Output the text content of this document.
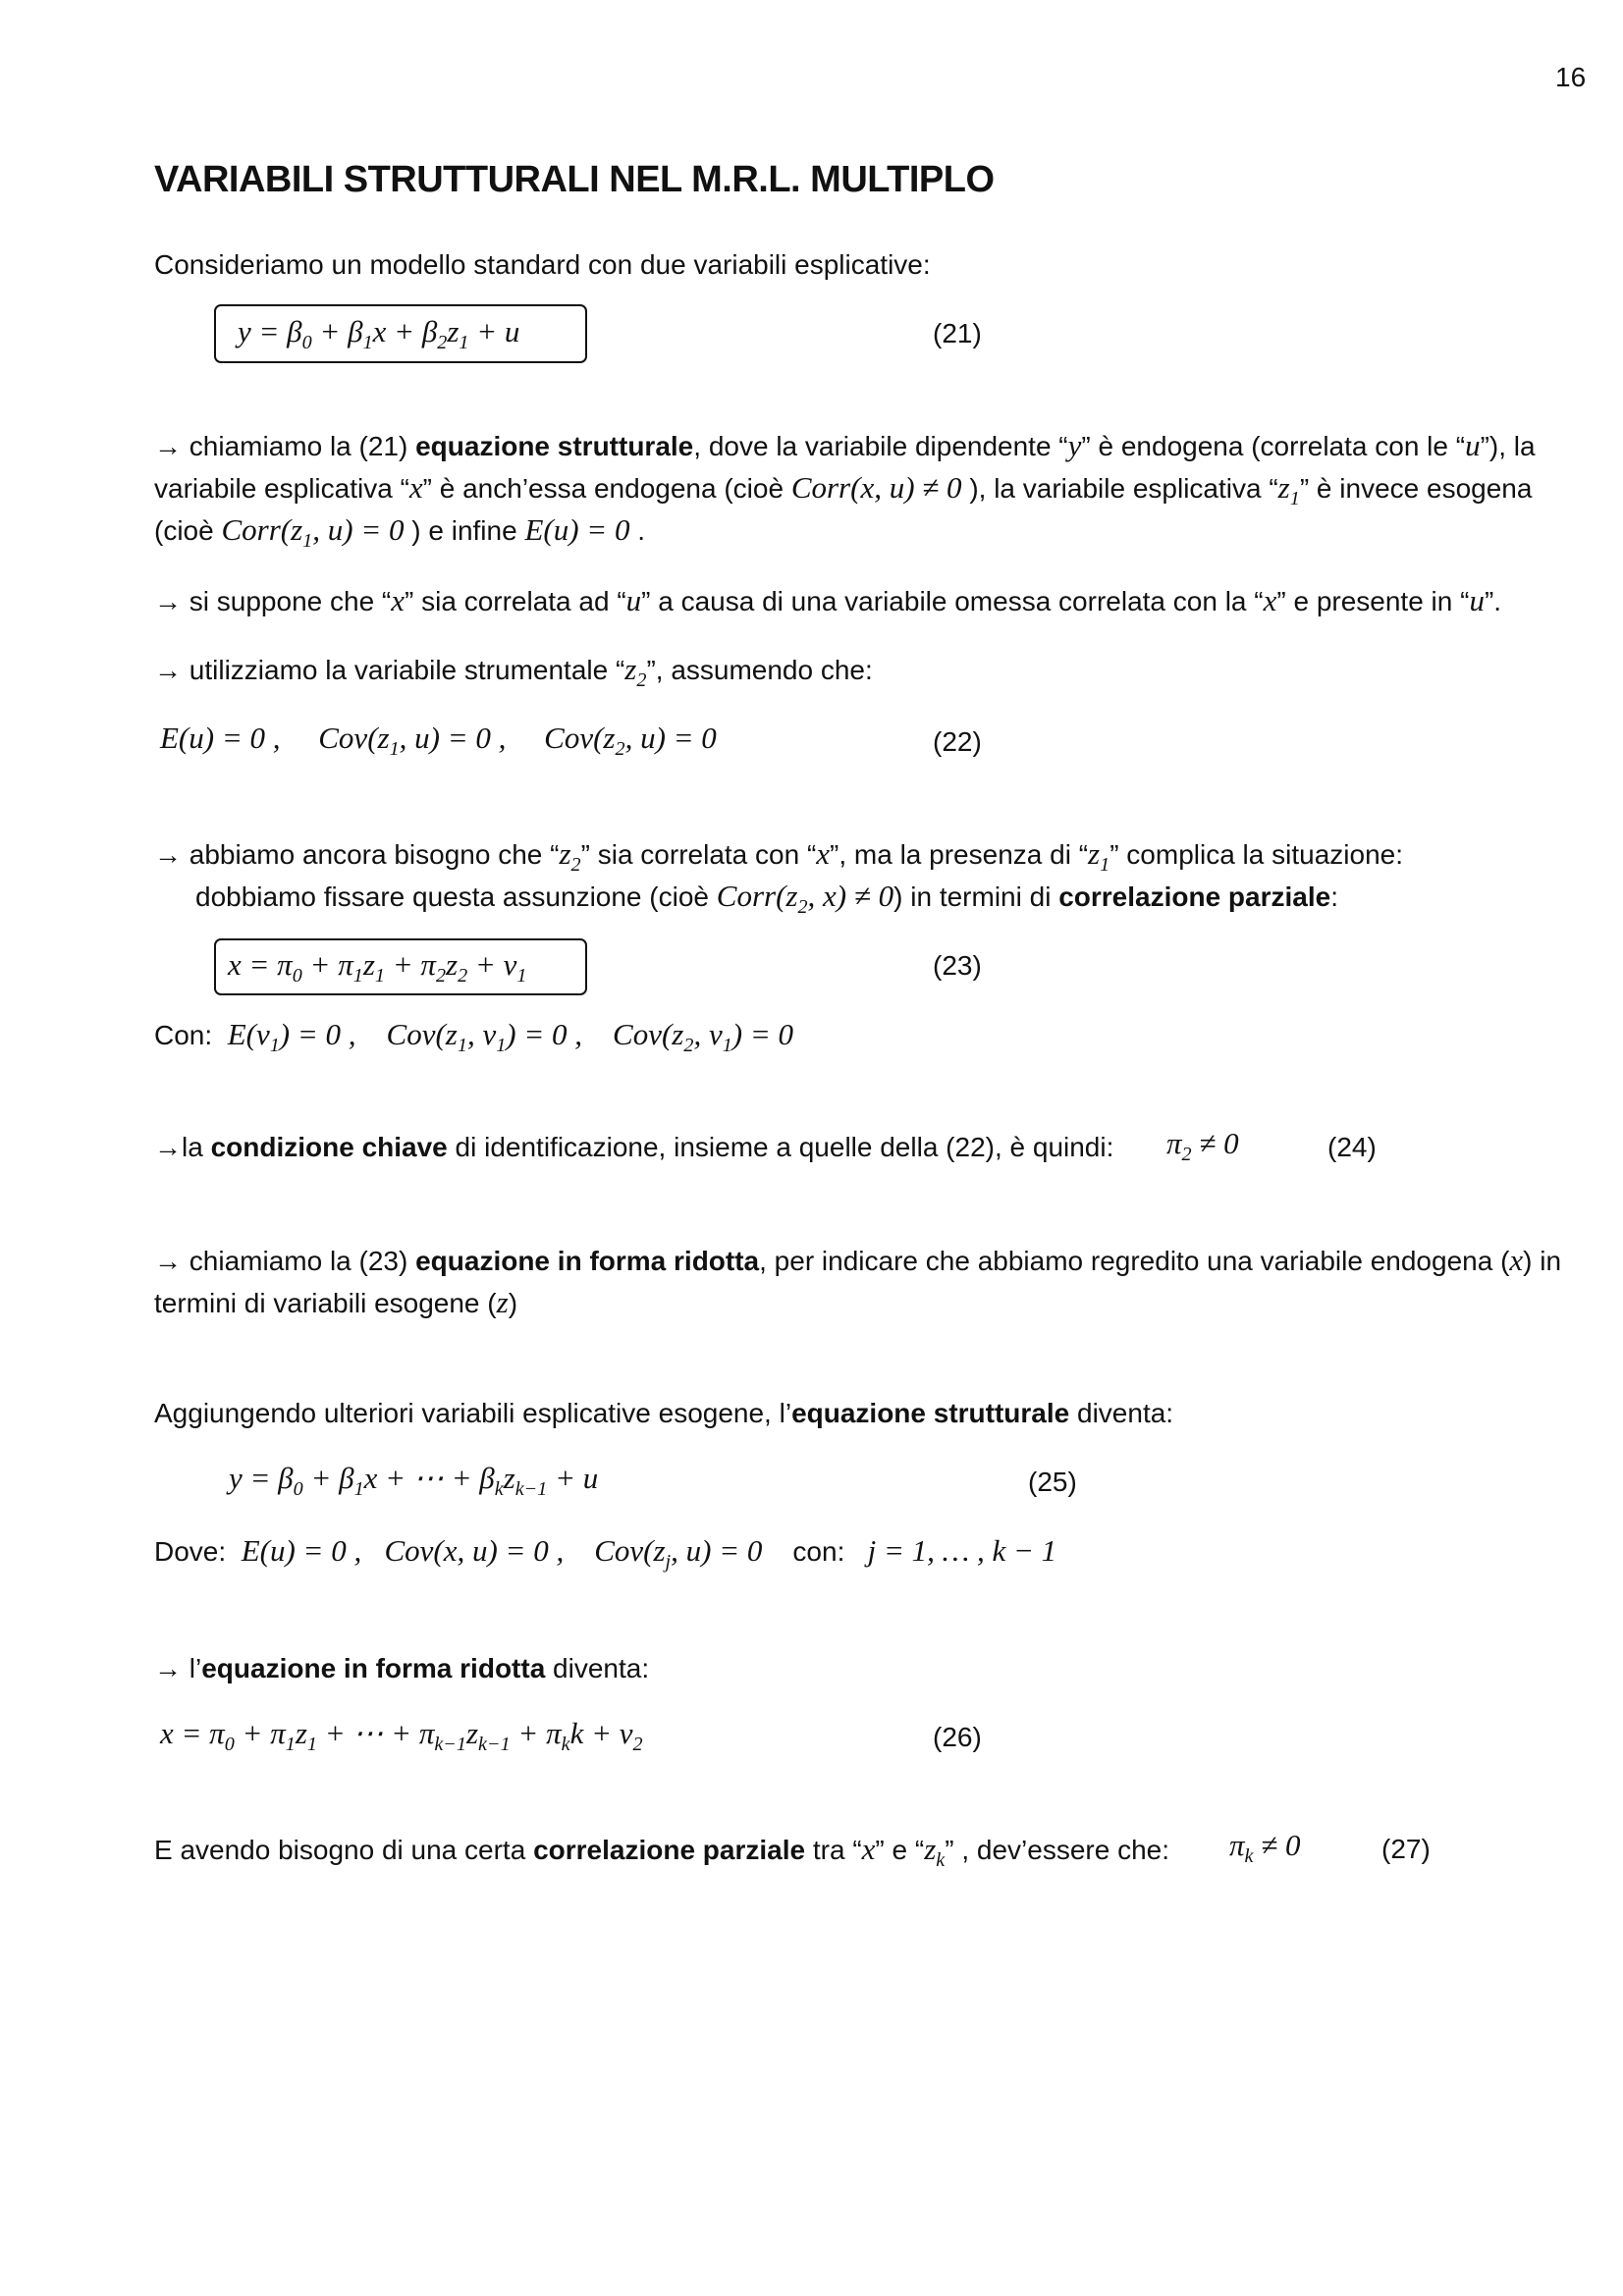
16
VARIABILI STRUTTURALI NEL M.R.L. MULTIPLO
Consideriamo un modello standard con due variabili esplicative:
$y = \beta_0 + \beta_1x + \beta_2z_1 + u$	(21)
→ chiamiamo la (21) equazione strutturale, dove la variabile dipendente “y” è endogena (correlata con le “u”), la
variabile esplicativa “x” è anch’essa endogena (cioè Corr(x, u) ≠ 0 ), la variabile esplicativa “$z_1$” è invece esogena
(cioè $Corr(z_1$, u) = 0 ) e infine E(u) = 0 .
→ si suppone che “x” sia correlata ad “u” a causa di una variabile omessa correlata con la “x” e presente in “u”.
→ utilizziamo la variabile strumentale “$z_2$”, assumendo che:
E(u) = 0 ,     $Cov(z_1$, u) = 0 ,     $Cov(z_2$, u) = 0	(22)
→ abbiamo ancora bisogno che “$z_2$” sia correlata con “x”, ma la presenza di “$z_1$” complica la situazione:
dobbiamo fissare questa assunzione (cioè $Corr(z_2$, x) ≠ 0) in termini di correlazione parziale:
$x = \pi_0 + \pi_1z_1 + \pi_2z_2 + v_1$	(23)
Con:  $E(v_1) = 0$ ,    $Cov(z_1$, $v_1) = 0$ ,    $Cov(z_2$, $v_1) = 0$
→la condizione chiave di identificazione, insieme a quelle della (22), è quindi: $\pi_2 \ne 0$	(24)
→ chiamiamo la (23) equazione in forma ridotta, per indicare che abbiamo regredito una variabile endogena (x) in
termini di variabili esogene (z)
Aggiungendo ulteriori variabili esplicative esogene, l’equazione strutturale diventa:
$y = \beta_0 + \beta_1x$ + ⋯ + $\beta_kz_{k-1} + u$	(25)
Dove:  E(u) = 0 ,   Cov(x, u) = 0 ,    $Cov(z_j$, u) = 0    con:   j = 1, … , k − 1
→ l’equazione in forma ridotta diventa:
$x = \pi_0 + \pi_1z_1$ + ⋯ + $\pi_{k-1}z_{k-1} + \pi_kk + v_2$	(26)
E avendo bisogno di una certa correlazione parziale tra “x” e “$z_k$” , dev’essere che: $\pi_k \ne 0$	(27)
